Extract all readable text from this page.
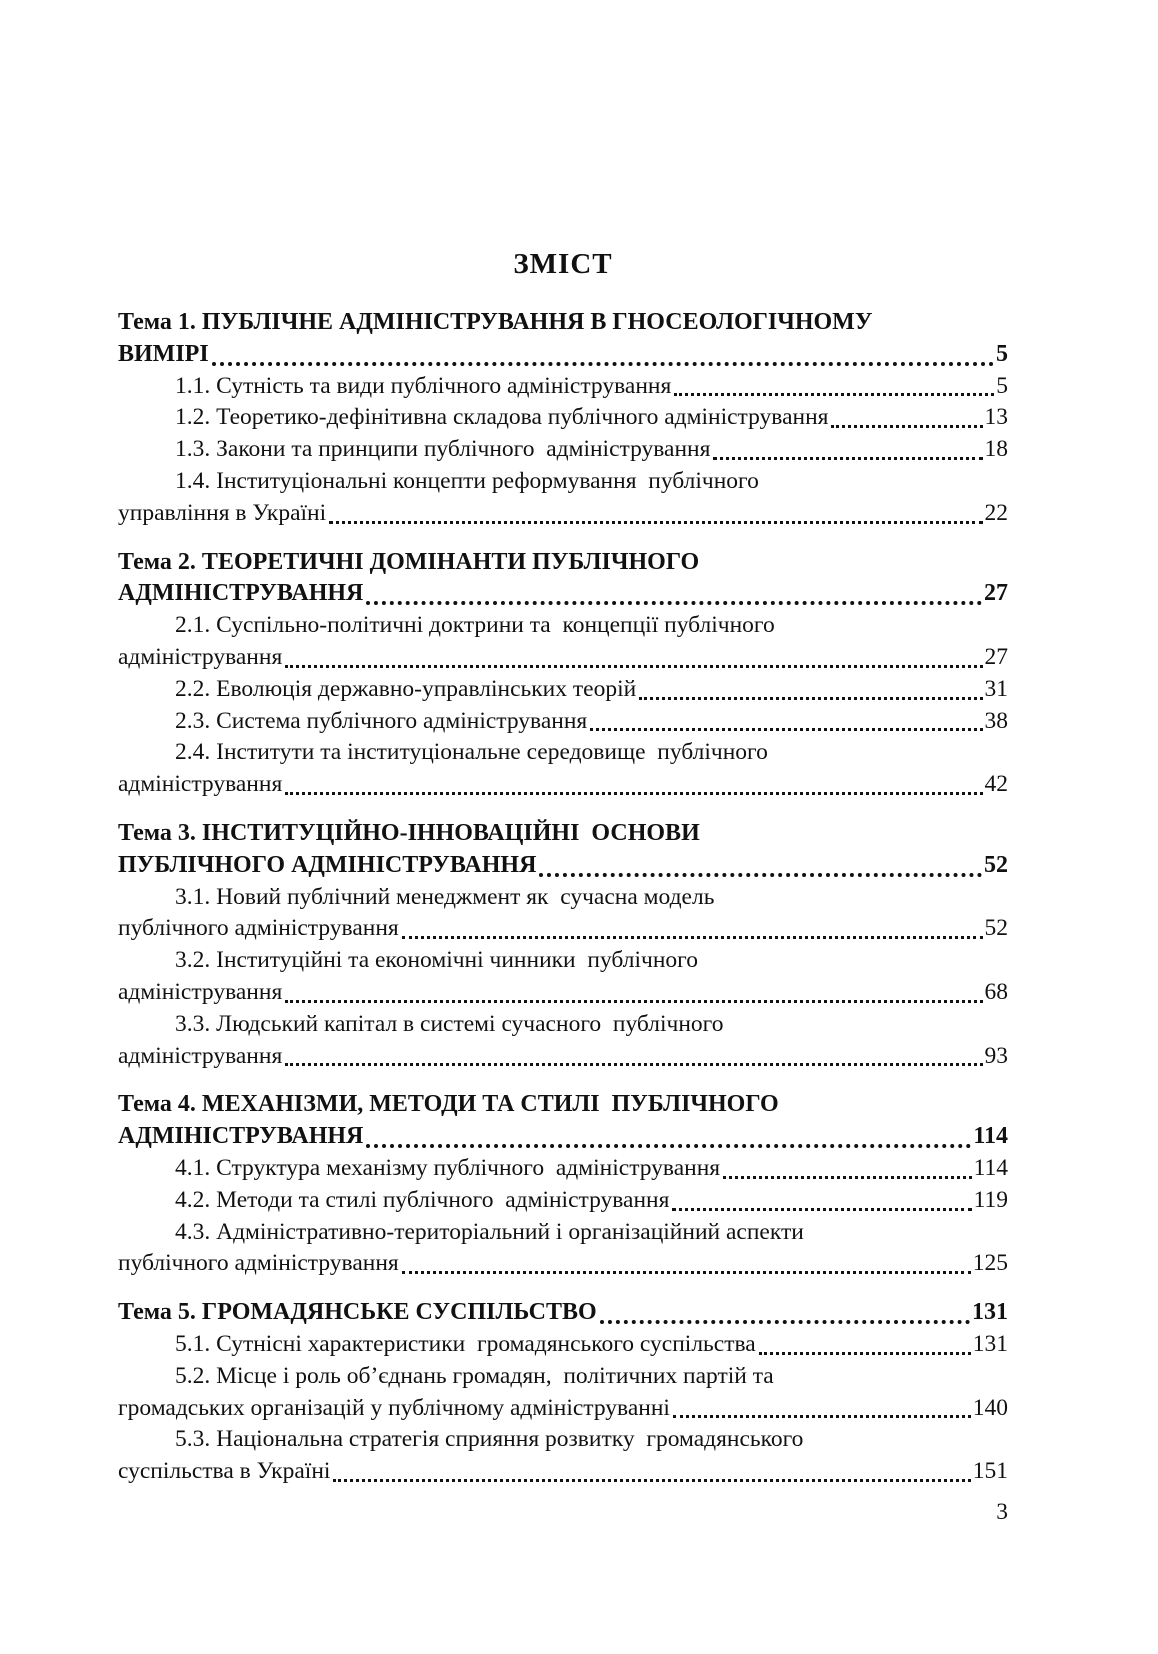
ЗМІСТ
Тема 1. ПУБЛІЧНЕ АДМІНІСТРУВАННЯ В ГНОСЕОЛОГІЧНОМУ
ВИМІРІ	5
1.1. Сутність та види публічного адміністрування	5
1.2. Теоретико-дефінітивна складова публічного адміністрування	13
1.3. Закони та принципи публічного  адміністрування	18
1.4. Інституціональні концепти реформування  публічного
управління в Україні	22
Тема 2. ТЕОРЕТИЧНІ ДОМІНАНТИ ПУБЛІЧНОГО
АДМІНІСТРУВАННЯ	27
2.1. Суспільно-політичні доктрини та  концепції публічного
адміністрування	27
2.2. Еволюція державно-управлінських теорій	31
2.3. Система публічного адміністрування	38
2.4. Інститути та інституціональне середовище  публічного
адміністрування	42
Тема 3. ІНСТИТУЦІЙНО-ІННОВАЦІЙНІ  ОСНОВИ
ПУБЛІЧНОГО АДМІНІСТРУВАННЯ	52
3.1. Новий публічний менеджмент як  сучасна модель
публічного адміністрування	52
3.2. Інституційні та економічні чинники  публічного
адміністрування	68
3.3. Людський капітал в системі сучасного  публічного
адміністрування	93
Тема 4. МЕХАНІЗМИ, МЕТОДИ ТА СТИЛІ  ПУБЛІЧНОГО
АДМІНІСТРУВАННЯ	114
4.1. Структура механізму публічного  адміністрування	114
4.2. Методи та стилі публічного  адміністрування	119
4.3. Адміністративно-територіальний і організаційний аспекти
публічного адміністрування	125
Тема 5. ГРОМАДЯНСЬКЕ СУСПІЛЬСТВО	131
5.1. Сутнісні характеристики  громадянського суспільства	131
5.2. Місце і роль об’єднань громадян,  політичних партій та
громадських організацій у публічному адмініструванні	140
5.3. Національна стратегія сприяння розвитку  громадянського
суспільства в Україні	151
3
